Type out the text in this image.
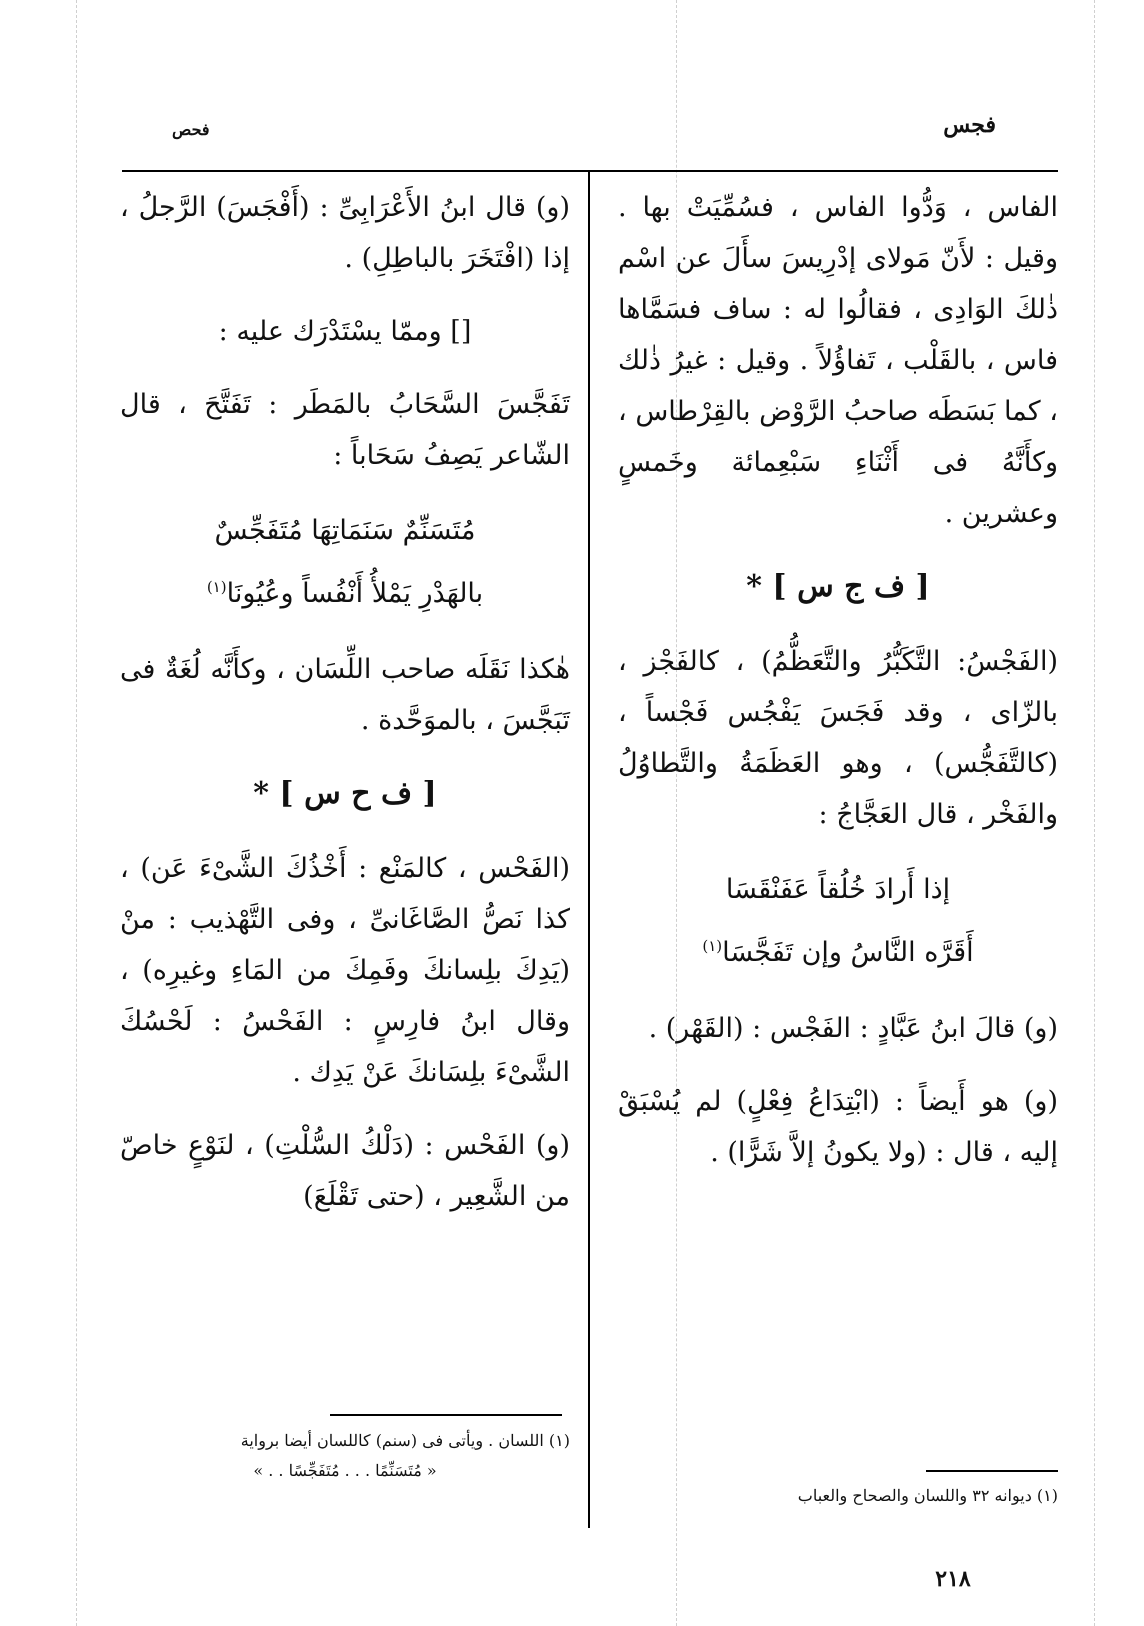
فجس
فحص

الفاس ، وَدُّوا الفاس ، فسُمِّيَتْ بها . وقيل : لأَنّ مَولاى إدْرِيسَ سأَلَ عن اسْم ذٰلكَ الوَادِى ، فقالُوا له : ساف فسَمَّاها فاس ، بالقَلْب ، تَفاؤُلاً . وقيل : غيرُ ذٰلك ، كما بَسَطَه صاحبُ الرَّوْض بالقِرْطاس ، وكأَنَّهُ فى أَثْنَاءِ سَبْعِمائة وخَمسٍ وعشرين .

[ ف ج س ] *

(الفَجْسُ: التَّكَبُّرُ والتَّعَظُّمُ) ، كالفَجْز ، بالزّاى ، وقد فَجَسَ يَفْجُس فَجْساً ، (كالتَّفَجُّس) ، وهو العَظَمَةُ والتَّطاوُلُ والفَخْر ، قال العَجَّاجُ :

إذا أَرادَ خُلُقاً عَفَنْقَسَا
أَقَرَّه النَّاسُ وإن تَفَجَّسَا$^{(١)}$

(و) قالَ ابنُ عَبَّادٍ : الفَجْس : (القَهْر) .

(و) هو أَيضاً : (ابْتِدَاعُ فِعْلٍ) لم يُسْبَقْ إليه ، قال : (ولا يكونُ إلاَّ شَرًّا) .

(و) قال ابنُ الأَعْرَابِىِّ : (أَفْجَسَ) الرَّجلُ ، إذا (افْتَخَرَ بالباطِلِ) .

[] وممّا يسْتَدْرَك عليه :

تَفَجَّسَ السَّحَابُ بالمَطَر : تَفَتَّحَ ، قال الشّاعر يَصِفُ سَحَاباً :

مُتَسَنِّمٌ سَنَمَاتِهَا مُتَفَجِّسٌ
بالهَدْرِ يَمْلأُ أَنْفُساً وعُيُونَا$^{(١)}$

هٰكذا نَقَلَه صاحب اللِّسَان ، وكأَنَّه لُغَةٌ فى تَبَجَّسَ ، بالموَحَّدة .

[ ف ح س ] *

(الفَحْس ، كالمَنْع : أَخْذُكَ الشَّىْءَ عَن) ، كذا نَصُّ الصَّاغَانىِّ ، وفى التَّهْذيب : منْ (يَدِكَ بلِسانكَ وفَمِكَ من المَاءِ وغيرِه) ، وقال ابنُ فارِسٍ : الفَحْسُ : لَحْسُكَ الشَّىْءَ بلِسَانكَ عَنْ يَدِك .

(و) الفَحْس : (دَلْكُ السُّلْتِ) ، لنَوْعٍ خاصّ من الشَّعِير ، (حتى تَقْلَعَ)

(١) ديوانه ٣٢ واللسان والصحاح والعباب
(١) اللسان . ويأتى فى (سنم) كاللسان أيضا برواية
« مُتَسَنِّمًا . . . مُتَفَجِّسًا . . »
٢١٨
